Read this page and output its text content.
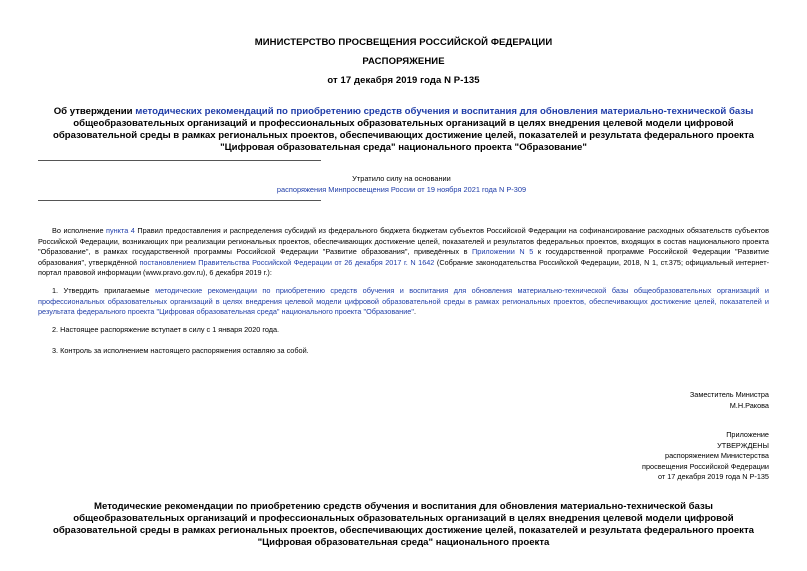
МИНИСТЕРСТВО ПРОСВЕЩЕНИЯ РОССИЙСКОЙ ФЕДЕРАЦИИ
РАСПОРЯЖЕНИЕ
от 17 декабря 2019 года N Р-135
Об утверждении методических рекомендаций по приобретению средств обучения и воспитания для обновления материально-технической базы общеобразовательных организаций и профессиональных образовательных организаций в целях внедрения целевой модели цифровой образовательной среды в рамках региональных проектов, обеспечивающих достижение целей, показателей и результата федерального проекта "Цифровая образовательная среда" национального проекта "Образование"
Утратило силу на основании
распоряжения Минпросвещения России от 19 ноября 2021 года N Р-309
Во исполнение пункта 4 Правил предоставления и распределения субсидий из федерального бюджета бюджетам субъектов Российской Федерации на софинансирование расходных обязательств субъектов Российской Федерации, возникающих при реализации региональных проектов, обеспечивающих достижение целей, показателей и результатов федеральных проектов, входящих в состав национального проекта "Образование", в рамках государственной программы Российской Федерации "Развитие образования", приведённых в Приложении N 5 к государственной программе Российской Федерации "Развитие образования", утверждённой постановлением Правительства Российской Федерации от 26 декабря 2017 г. N 1642 (Собрание законодательства Российской Федерации, 2018, N 1, ст.375; официальный интернет-портал правовой информации (www.pravo.gov.ru), 6 декабря 2019 г.):
1. Утвердить прилагаемые методические рекомендации по приобретению средств обучения и воспитания для обновления материально-технической базы общеобразовательных организаций и профессиональных образовательных организаций в целях внедрения целевой модели цифровой образовательной среды в рамках региональных проектов, обеспечивающих достижение целей, показателей и результата федерального проекта "Цифровая образовательная среда" национального проекта "Образование".
2. Настоящее распоряжение вступает в силу с 1 января 2020 года.
3. Контроль за исполнением настоящего распоряжения оставляю за собой.
Заместитель Министра
М.Н.Ракова
Приложение
УТВЕРЖДЕНЫ
распоряжением Министерства
просвещения Российской Федерации
от 17 декабря 2019 года N Р-135
Методические рекомендации по приобретению средств обучения и воспитания для обновления материально-технической базы общеобразовательных организаций и профессиональных образовательных организаций в целях внедрения целевой модели цифровой образовательной среды в рамках региональных проектов, обеспечивающих достижение целей, показателей и результата федерального проекта "Цифровая образовательная среда" национального проекта
